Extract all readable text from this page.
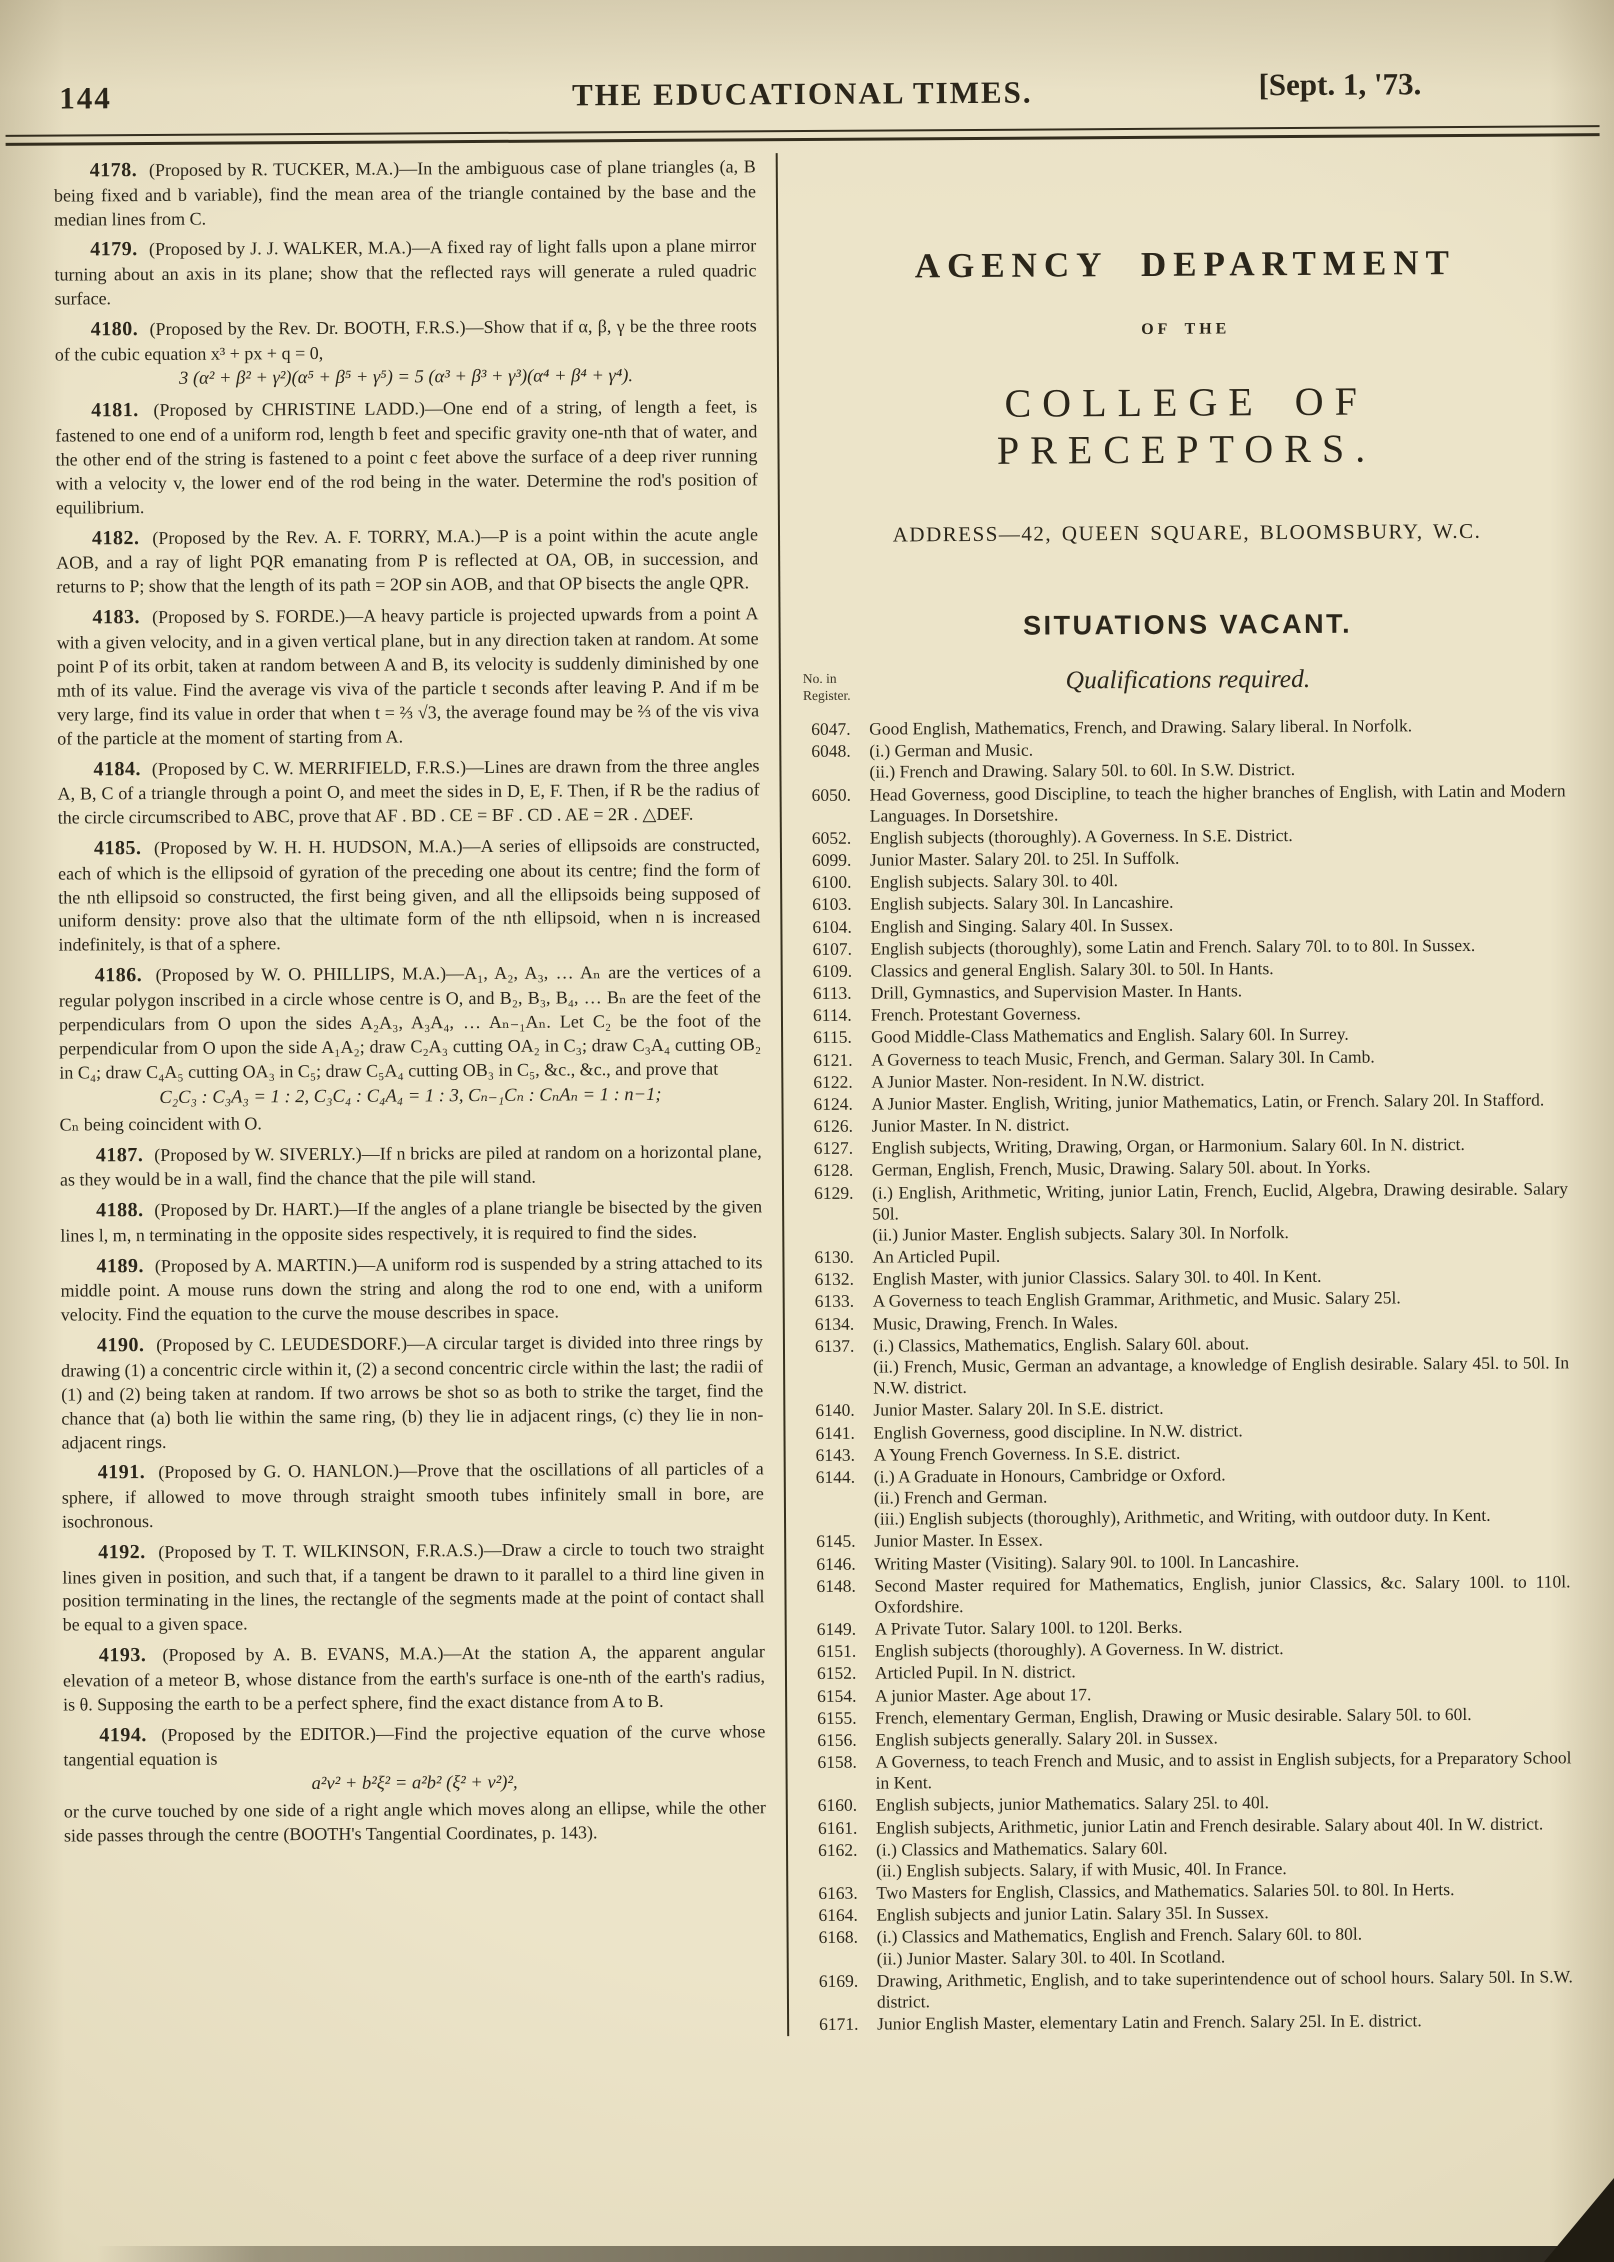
144	THE EDUCATIONAL TIMES.	[Sept. 1, '73.

4178. (Proposed by R. TUCKER, M.A.)—In the ambiguous case of plane triangles (a, B being fixed and b variable), find the mean area of the triangle contained by the base and the median lines from C.

4179. (Proposed by J. J. WALKER, M.A.)—A fixed ray of light falls upon a plane mirror turning about an axis in its plane; show that the reflected rays will generate a ruled quadric surface.

4180. (Proposed by the Rev. Dr. BOOTH, F.R.S.)—Show that if α, β, γ be the three roots of the cubic equation x³ + px + q = 0,

3 (α² + β² + γ²)(α⁵ + β⁵ + γ⁵) = 5 (α³ + β³ + γ³)(α⁴ + β⁴ + γ⁴).

4181. (Proposed by CHRISTINE LADD.)—One end of a string, of length a feet, is fastened to one end of a uniform rod, length b feet and specific gravity one-nth that of water, and the other end of the string is fastened to a point c feet above the surface of a deep river running with a velocity v, the lower end of the rod being in the water. Determine the rod's position of equilibrium.

4182. (Proposed by the Rev. A. F. TORRY, M.A.)—P is a point within the acute angle AOB, and a ray of light PQR emanating from P is reflected at OA, OB, in succession, and returns to P; show that the length of its path = 2OP sin AOB, and that OP bisects the angle QPR.

4183. (Proposed by S. FORDE.)—A heavy particle is projected upwards from a point A with a given velocity, and in a given vertical plane, but in any direction taken at random. At some point P of its orbit, taken at random between A and B, its velocity is suddenly diminished by one mth of its value. Find the average vis viva of the particle t seconds after leaving P. And if m be very large, find its value in order that when t = ⅔ √3, the average found may be ⅔ of the vis viva of the particle at the moment of starting from A.

4184. (Proposed by C. W. MERRIFIELD, F.R.S.)—Lines are drawn from the three angles A, B, C of a triangle through a point O, and meet the sides in D, E, F. Then, if R be the radius of the circle circumscribed to ABC, prove that AF . BD . CE = BF . CD . AE = 2R . △DEF.

4185. (Proposed by W. H. H. HUDSON, M.A.)—A series of ellipsoids are constructed, each of which is the ellipsoid of gyration of the preceding one about its centre; find the form of the nth ellipsoid so constructed, the first being given, and all the ellipsoids being supposed of uniform density: prove also that the ultimate form of the nth ellipsoid, when n is increased indefinitely, is that of a sphere.

4186. (Proposed by W. O. PHILLIPS, M.A.)—A₁, A₂, A₃, … Aₙ are the vertices of a regular polygon inscribed in a circle whose centre is O, and B₂, B₃, B₄, … Bₙ are the feet of the perpendiculars from O upon the sides A₂A₃, A₃A₄, … Aₙ₋₁Aₙ. Let C₂ be the foot of the perpendicular from O upon the side A₁A₂; draw C₂A₃ cutting OA₂ in C₃; draw C₃A₄ cutting OB₂ in C₄; draw C₄A₅ cutting OA₃ in C₅; draw C₅A₄ cutting OB₃ in C₅, &c., &c., and prove that

C₂C₃ : C₃A₃ = 1 : 2, C₃C₄ : C₄A₄ = 1 : 3, Cₙ₋₁Cₙ : CₙAₙ = 1 : n−1;

Cₙ being coincident with O.

4187. (Proposed by W. SIVERLY.)—If n bricks are piled at random on a horizontal plane, as they would be in a wall, find the chance that the pile will stand.

4188. (Proposed by Dr. HART.)—If the angles of a plane triangle be bisected by the given lines l, m, n terminating in the opposite sides respectively, it is required to find the sides.

4189. (Proposed by A. MARTIN.)—A uniform rod is suspended by a string attached to its middle point. A mouse runs down the string and along the rod to one end, with a uniform velocity. Find the equation to the curve the mouse describes in space.

4190. (Proposed by C. LEUDESDORF.)—A circular target is divided into three rings by drawing (1) a concentric circle within it, (2) a second concentric circle within the last; the radii of (1) and (2) being taken at random. If two arrows be shot so as both to strike the target, find the chance that (a) both lie within the same ring, (b) they lie in adjacent rings, (c) they lie in non-adjacent rings.

4191. (Proposed by G. O. HANLON.)—Prove that the oscillations of all particles of a sphere, if allowed to move through straight smooth tubes infinitely small in bore, are isochronous.

4192. (Proposed by T. T. WILKINSON, F.R.A.S.)—Draw a circle to touch two straight lines given in position, and such that, if a tangent be drawn to it parallel to a third line given in position terminating in the lines, the rectangle of the segments made at the point of contact shall be equal to a given space.

4193. (Proposed by A. B. EVANS, M.A.)—At the station A, the apparent angular elevation of a meteor B, whose distance from the earth's surface is one-nth of the earth's radius, is θ. Supposing the earth to be a perfect sphere, find the exact distance from A to B.

4194. (Proposed by the EDITOR.)—Find the projective equation of the curve whose tangential equation is

a²v² + b²ξ² = a²b² (ξ² + v²)²,

or the curve touched by one side of a right angle which moves along an ellipse, while the other side passes through the centre (BOOTH's Tangential Coordinates, p. 143).

AGENCY DEPARTMENT
OF THE
COLLEGE OF PRECEPTORS.
ADDRESS—42, QUEEN SQUARE, BLOOMSBURY, W.C.
SITUATIONS VACANT.
No. in
Register.
Qualifications required.
6047.	Good English, Mathematics, French, and Drawing. Salary liberal. In Norfolk.
6048.	(i.) German and Music.
(ii.) French and Drawing. Salary 50l. to 60l. In S.W. District.
6050.	Head Governess, good Discipline, to teach the higher branches of English, with Latin and Modern Languages. In Dorsetshire.
6052.	English subjects (thoroughly). A Governess. In S.E. District.
6099.	Junior Master. Salary 20l. to 25l. In Suffolk.
6100.	English subjects. Salary 30l. to 40l.
6103.	English subjects. Salary 30l. In Lancashire.
6104.	English and Singing. Salary 40l. In Sussex.
6107.	English subjects (thoroughly), some Latin and French. Salary 70l. to to 80l. In Sussex.
6109.	Classics and general English. Salary 30l. to 50l. In Hants.
6113.	Drill, Gymnastics, and Supervision Master. In Hants.
6114.	French. Protestant Governess.
6115.	Good Middle-Class Mathematics and English. Salary 60l. In Surrey.
6121.	A Governess to teach Music, French, and German. Salary 30l. In Camb.
6122.	A Junior Master. Non-resident. In N.W. district.
6124.	A Junior Master. English, Writing, junior Mathematics, Latin, or French. Salary 20l. In Stafford.
6126.	Junior Master. In N. district.
6127.	English subjects, Writing, Drawing, Organ, or Harmonium. Salary 60l. In N. district.
6128.	German, English, French, Music, Drawing. Salary 50l. about. In Yorks.
6129.	(i.) English, Arithmetic, Writing, junior Latin, French, Euclid, Algebra, Drawing desirable. Salary 50l.
(ii.) Junior Master. English subjects. Salary 30l. In Norfolk.
6130.	An Articled Pupil.
6132.	English Master, with junior Classics. Salary 30l. to 40l. In Kent.
6133.	A Governess to teach English Grammar, Arithmetic, and Music. Salary 25l.
6134.	Music, Drawing, French. In Wales.
6137.	(i.) Classics, Mathematics, English. Salary 60l. about.
(ii.) French, Music, German an advantage, a knowledge of English desirable. Salary 45l. to 50l. In N.W. district.
6140.	Junior Master. Salary 20l. In S.E. district.
6141.	English Governess, good discipline. In N.W. district.
6143.	A Young French Governess. In S.E. district.
6144.	(i.) A Graduate in Honours, Cambridge or Oxford.
(ii.) French and German.
(iii.) English subjects (thoroughly), Arithmetic, and Writing, with outdoor duty. In Kent.
6145.	Junior Master. In Essex.
6146.	Writing Master (Visiting). Salary 90l. to 100l. In Lancashire.
6148.	Second Master required for Mathematics, English, junior Classics, &c. Salary 100l. to 110l. Oxfordshire.
6149.	A Private Tutor. Salary 100l. to 120l. Berks.
6151.	English subjects (thoroughly). A Governess. In W. district.
6152.	Articled Pupil. In N. district.
6154.	A junior Master. Age about 17.
6155.	French, elementary German, English, Drawing or Music desirable. Salary 50l. to 60l.
6156.	English subjects generally. Salary 20l. in Sussex.
6158.	A Governess, to teach French and Music, and to assist in English subjects, for a Preparatory School in Kent.
6160.	English subjects, junior Mathematics. Salary 25l. to 40l.
6161.	English subjects, Arithmetic, junior Latin and French desirable. Salary about 40l. In W. district.
6162.	(i.) Classics and Mathematics. Salary 60l.
(ii.) English subjects. Salary, if with Music, 40l. In France.
6163.	Two Masters for English, Classics, and Mathematics. Salaries 50l. to 80l. In Herts.
6164.	English subjects and junior Latin. Salary 35l. In Sussex.
6168.	(i.) Classics and Mathematics, English and French. Salary 60l. to 80l.
(ii.) Junior Master. Salary 30l. to 40l. In Scotland.
6169.	Drawing, Arithmetic, English, and to take superintendence out of school hours. Salary 50l. In S.W. district.
6171.	Junior English Master, elementary Latin and French. Salary 25l. In E. district.
